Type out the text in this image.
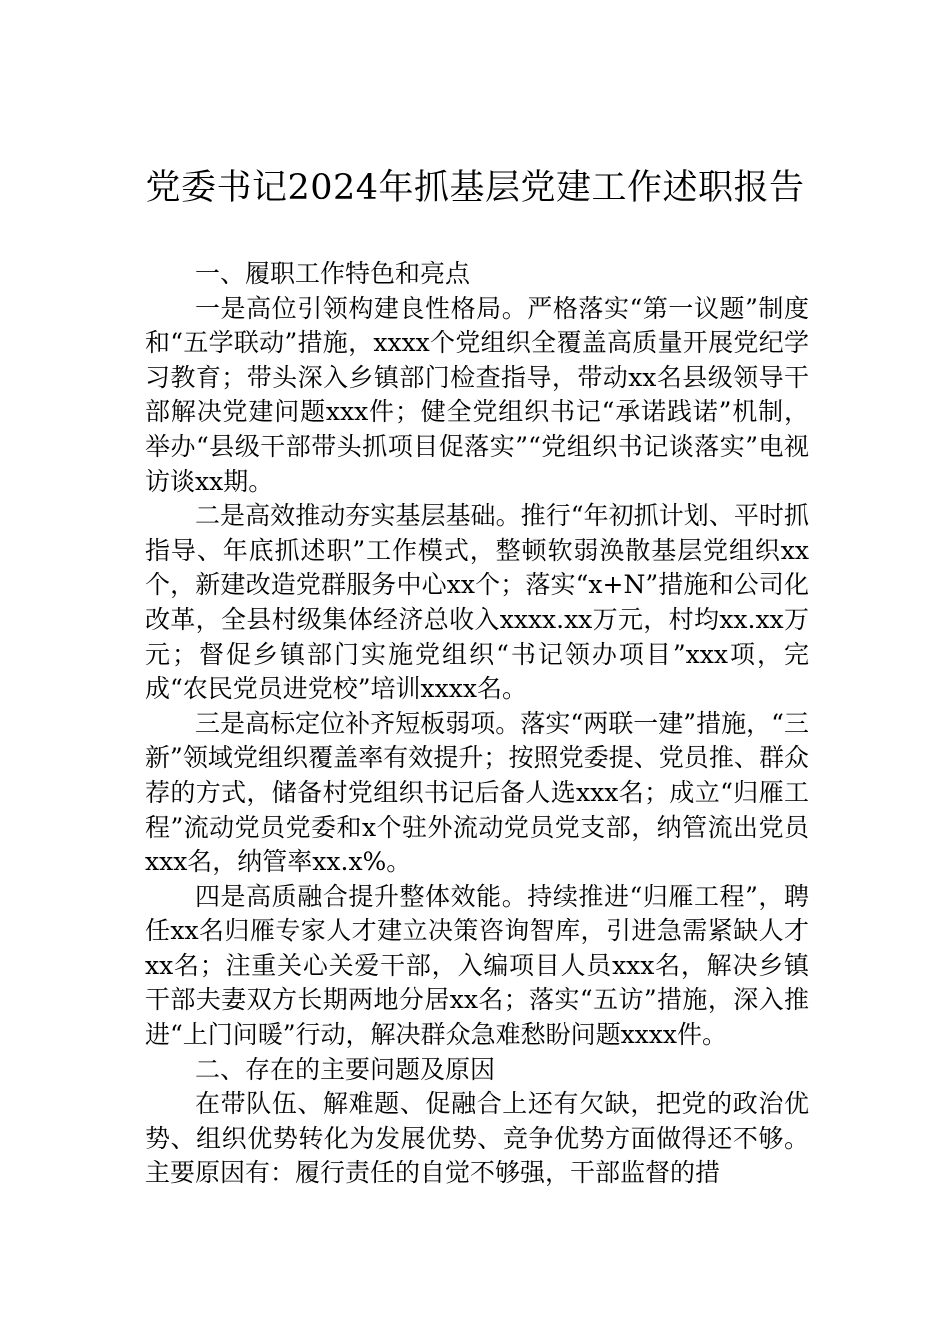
党委书记2024年抓基层党建工作述职报告
一、履职工作特色和亮点

一是高位引领构建良性格局。严格落实“第一议题”制度和“五学联动”措施，xxxx个党组织全覆盖高质量开展党纪学习教育；带头深入乡镇部门检查指导，带动xx名县级领导干部解决党建问题xxx件；健全党组织书记“承诺践诺”机制，举办“县级干部带头抓项目促落实”“党组织书记谈落实”电视访谈xx期。

二是高效推动夯实基层基础。推行“年初抓计划、平时抓指导、年底抓述职”工作模式，整顿软弱涣散基层党组织xx个，新建改造党群服务中心xx个；落实“x+N”措施和公司化改革，全县村级集体经济总收入xxxx.xx万元，村均xx.xx万元；督促乡镇部门实施党组织“书记领办项目”xxx项，完成“农民党员进党校”培训xxxx名。

三是高标定位补齐短板弱项。落实“两联一建”措施，“三新”领域党组织覆盖率有效提升；按照党委提、党员推、群众荐的方式，储备村党组织书记后备人选xxx名；成立“归雁工程”流动党员党委和x个驻外流动党员党支部，纳管流出党员xxx名，纳管率xx.x%。

四是高质融合提升整体效能。持续推进“归雁工程”，聘任xx名归雁专家人才建立决策咨询智库，引进急需紧缺人才xx名；注重关心关爱干部，入编项目人员xxx名，解决乡镇干部夫妻双方长期两地分居xx名；落实“五访”措施，深入推进“上门问暖”行动，解决群众急难愁盼问题xxxx件。

二、存在的主要问题及原因

在带队伍、解难题、促融合上还有欠缺，把党的政治优势、组织优势转化为发展优势、竞争优势方面做得还不够。主要原因有：履行责任的自觉不够强，干部监督的措
